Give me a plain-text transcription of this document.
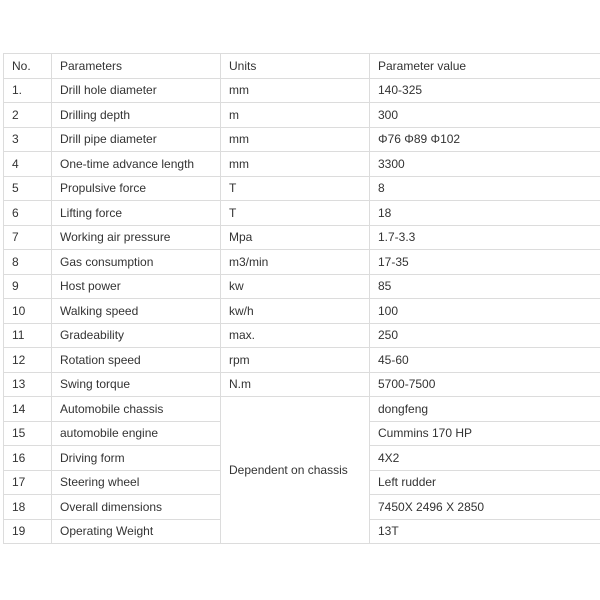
No.	Parameters	Units	Parameter value
1.	Drill hole diameter	mm	140-325
2	Drilling depth	m	300
3	Drill pipe diameter	mm	Φ76 Φ89 Φ102
4	One-time advance length	mm	3300
5	Propulsive force	T	8
6	Lifting force	T	18
7	Working air pressure	Mpa	1.7-3.3
8	Gas consumption	m3/min	17-35
9	Host power	kw	85
10	Walking speed	kw/h	100
11	Gradeability	max.	250
12	Rotation speed	rpm	45-60
13	Swing torque	N.m	5700-7500
14	Automobile chassis	Dependent on chassis	dongfeng
15	automobile engine		Cummins 170 HP
16	Driving form		4X2
17	Steering wheel		Left rudder
18	Overall dimensions		7450X 2496 X 2850
19	Operating Weight		13T
